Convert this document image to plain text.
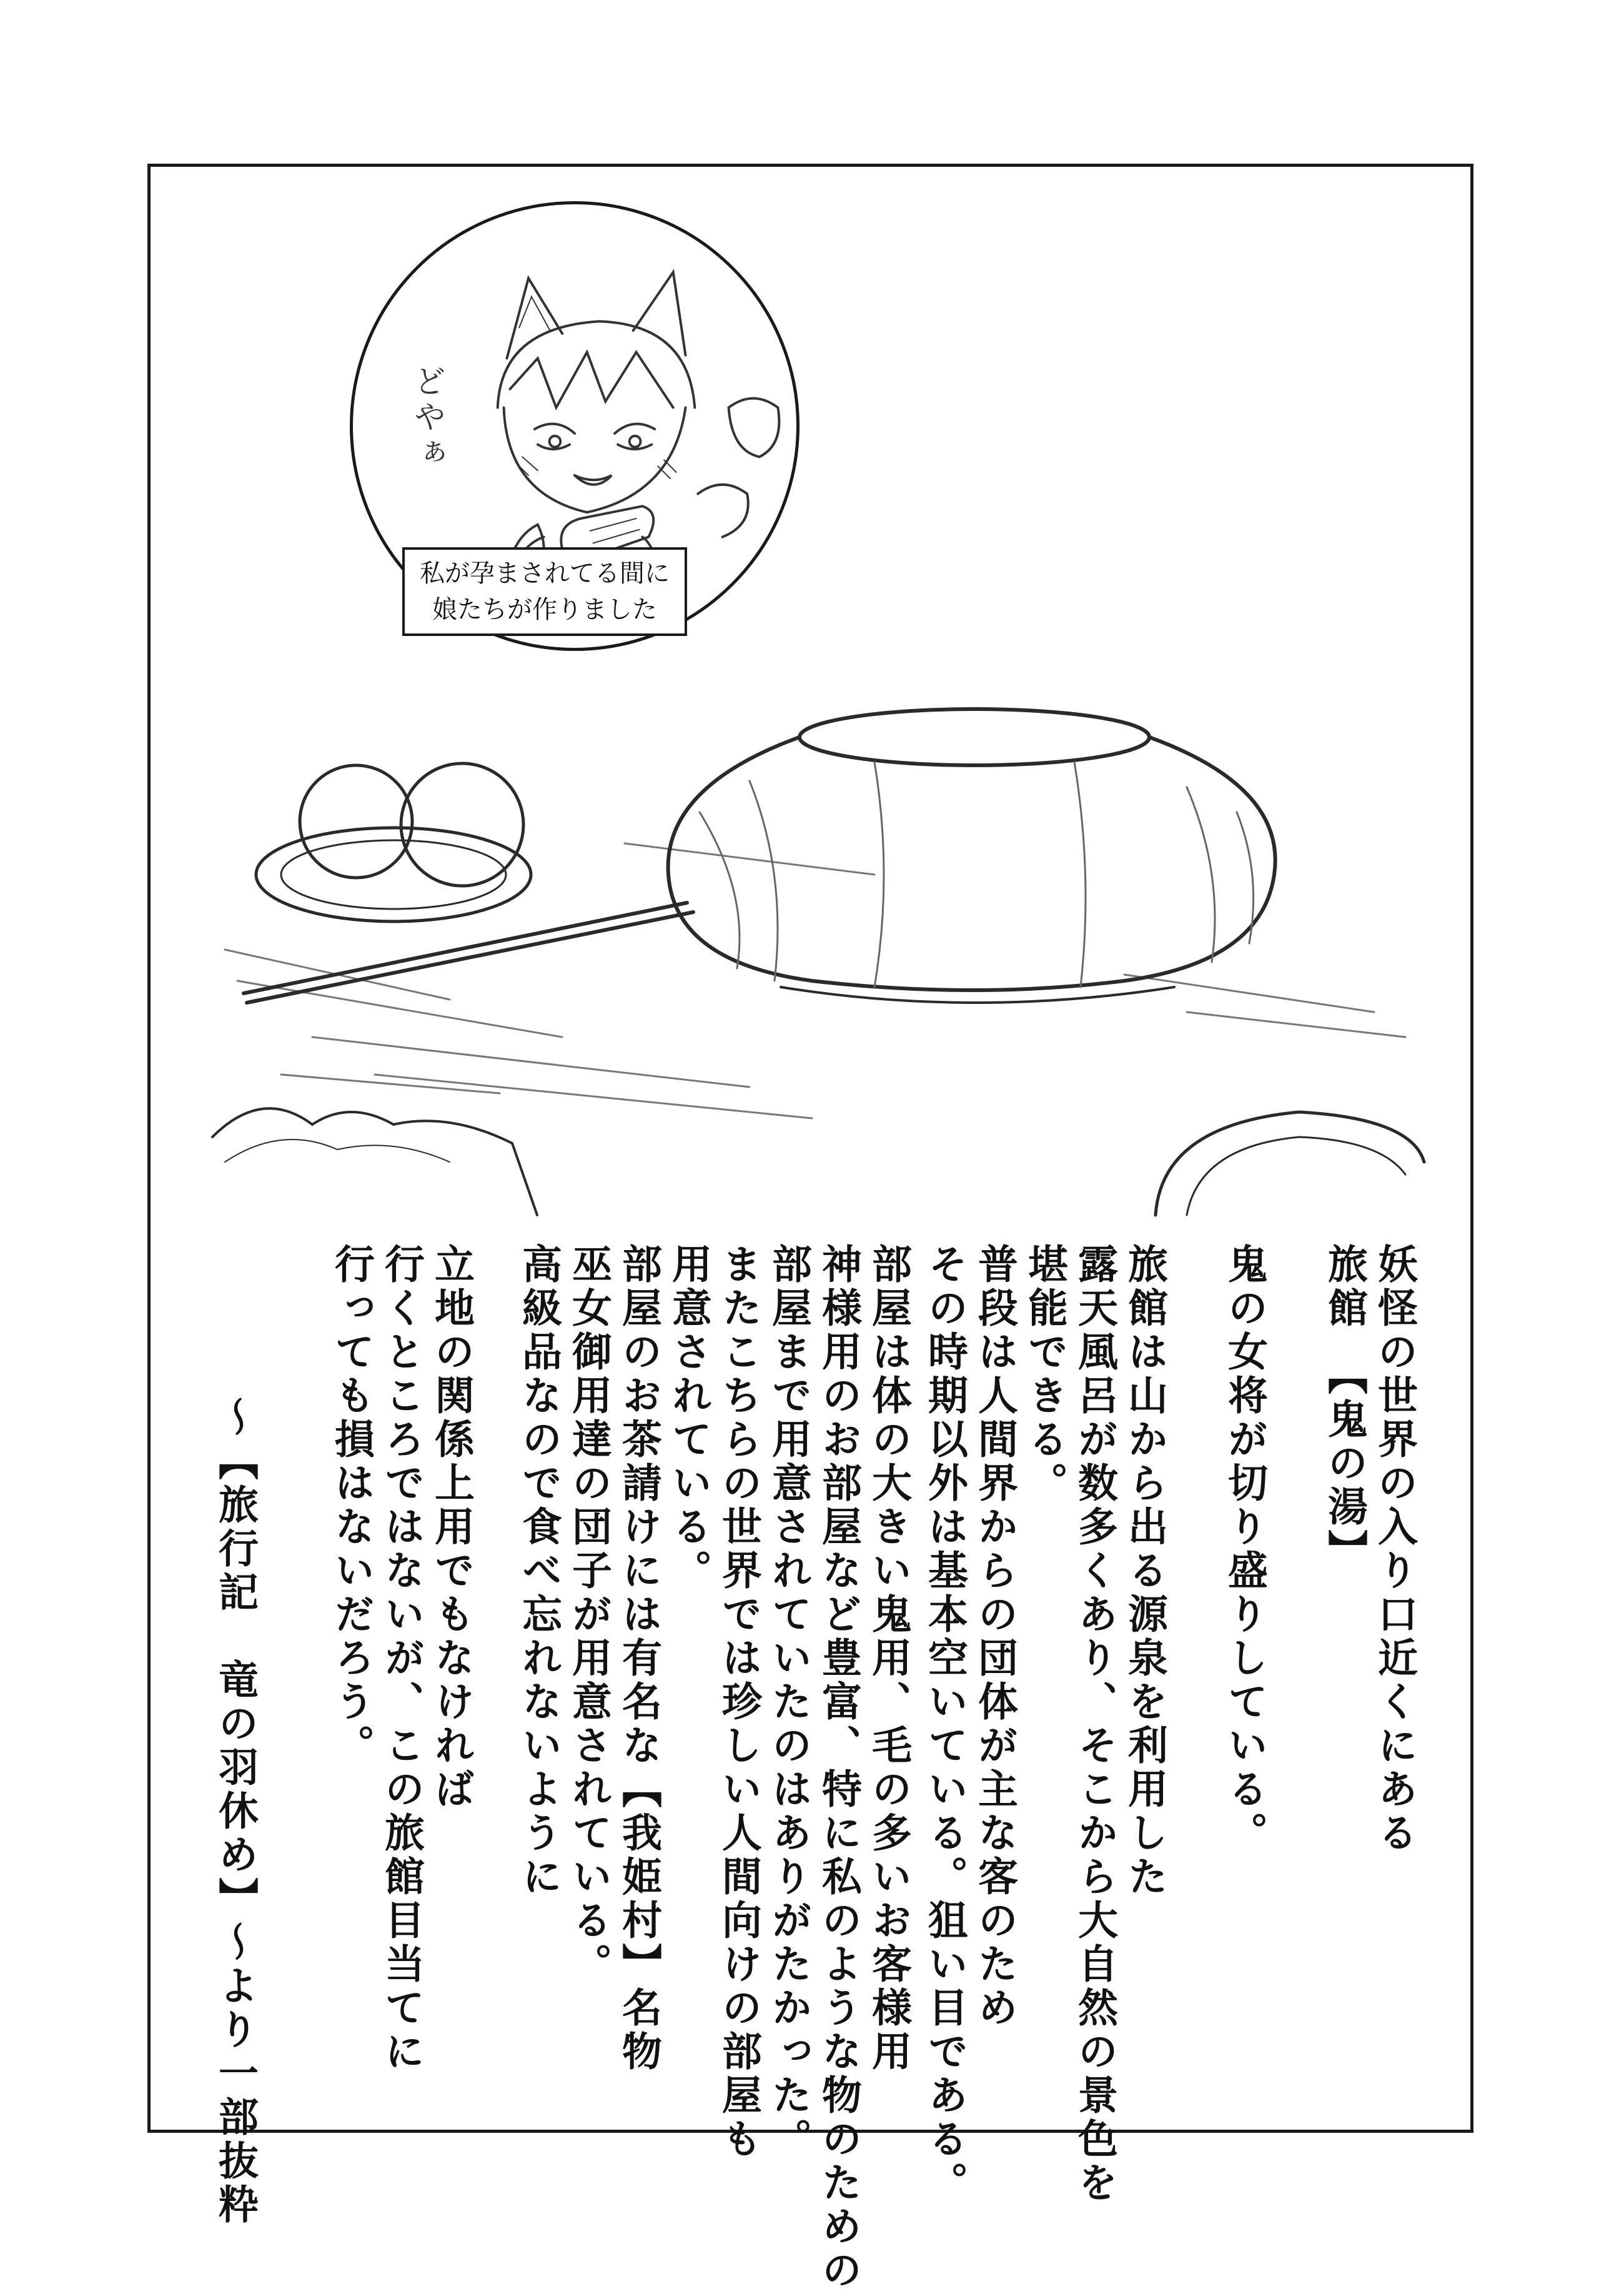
どやぁ
私が孕まされてる間に
娘たちが作りました
妖怪の世界の入り口近くにある
旅館　【鬼の湯】
鬼の女将が切り盛りしている。
旅館は山から出る源泉を利用した
露天風呂が数多くあり、そこから大自然の景色を
堪能できる。
普段は人間界からの団体が主な客のため
その時期以外は基本空いている。狙い目である。
部屋は体の大きい鬼用、毛の多いお客様用
神様用のお部屋など豊富、特に私のような物のための
部屋まで用意されていたのはありがたかった。
またこちらの世界では珍しい人間向けの部屋も
用意されている。
部屋のお茶請けには有名な【我姫村】名物
巫女御用達の団子が用意されている。
高級品なので食べ忘れないように
立地の関係上用でもなければ
行くところではないが、この旅館目当てに
行っても損はないだろう。
〜【旅行記　竜の羽休め】〜より一部抜粋
